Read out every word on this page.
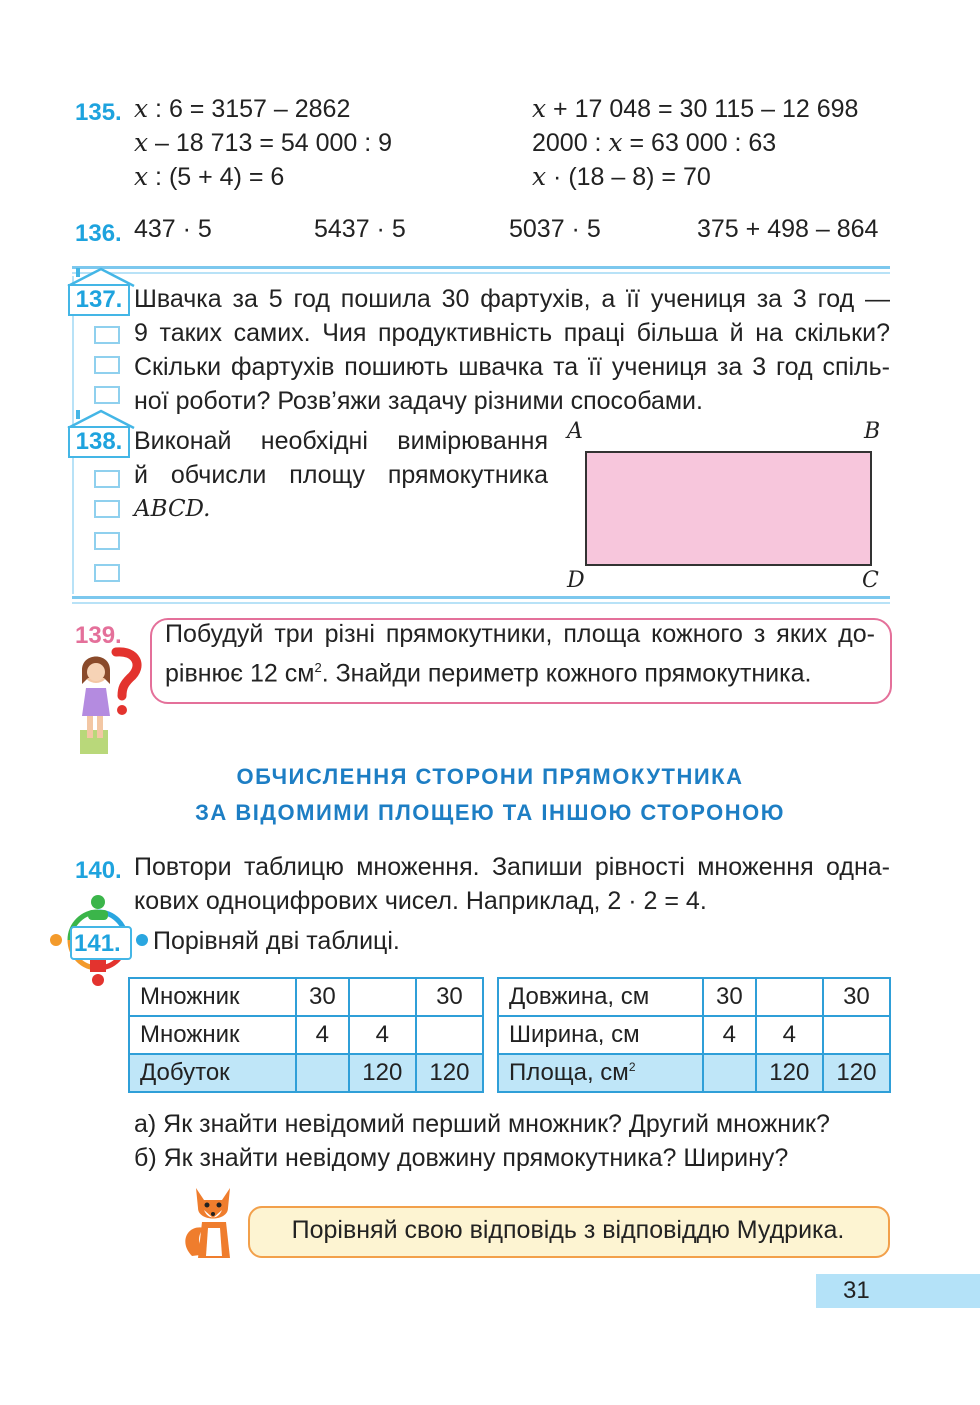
135. x : 6 = 3157 – 2862
x – 18 713 = 54 000 : 9
x : (5 + 4) = 6
x + 17 048 = 30 115 – 12 698
2000 : x = 63 000 : 63
x · (18 – 8) = 70
136. 437 · 5	5437 · 5	5037 · 5	375 + 498 – 864
137. Швачка за 5 год пошила 30 фартухів, а її учениця за 3 год —
9 таких самих. Чия продуктивність праці більша й на скільки?
Скільки фартухів пошиють швачка та її учениця за 3 год спіль-
ної роботи? Розв’яжи задачу різними способами.
138. Виконай необхідні вимірювання
й обчисли площу прямокутника
ABCD.
A	B
C
D
139. Побудуй три різні прямокутники, площа кожного з яких до-
рівнює 12 $см^2$. Знайди периметр кожного прямокутника.
ОБЧИСЛЕННЯ СТОРОНИ ПРЯМОКУТНИКА
ЗА ВІДОМИМИ ПЛОЩЕЮ ТА ІНШОЮ СТОРОНОЮ
140. Повтори таблицю множення. Запиши рівності множення одна-
кових одноцифрових чисел. Наприклад, 2 · 2 = 4.
141. Порівняй дві таблиці.
Множник	30		30
Множник	4	4	
Добуток		120	120
Довжина, см	30		30
Ширина, см	4	4	
Площа, $см^2$		120	120
а) Як знайти невідомий перший множник? Другий множник?
б) Як знайти невідому довжину прямокутника? Ширину?
Порівняй свою відповідь з відповіддю Мудрика.
31
